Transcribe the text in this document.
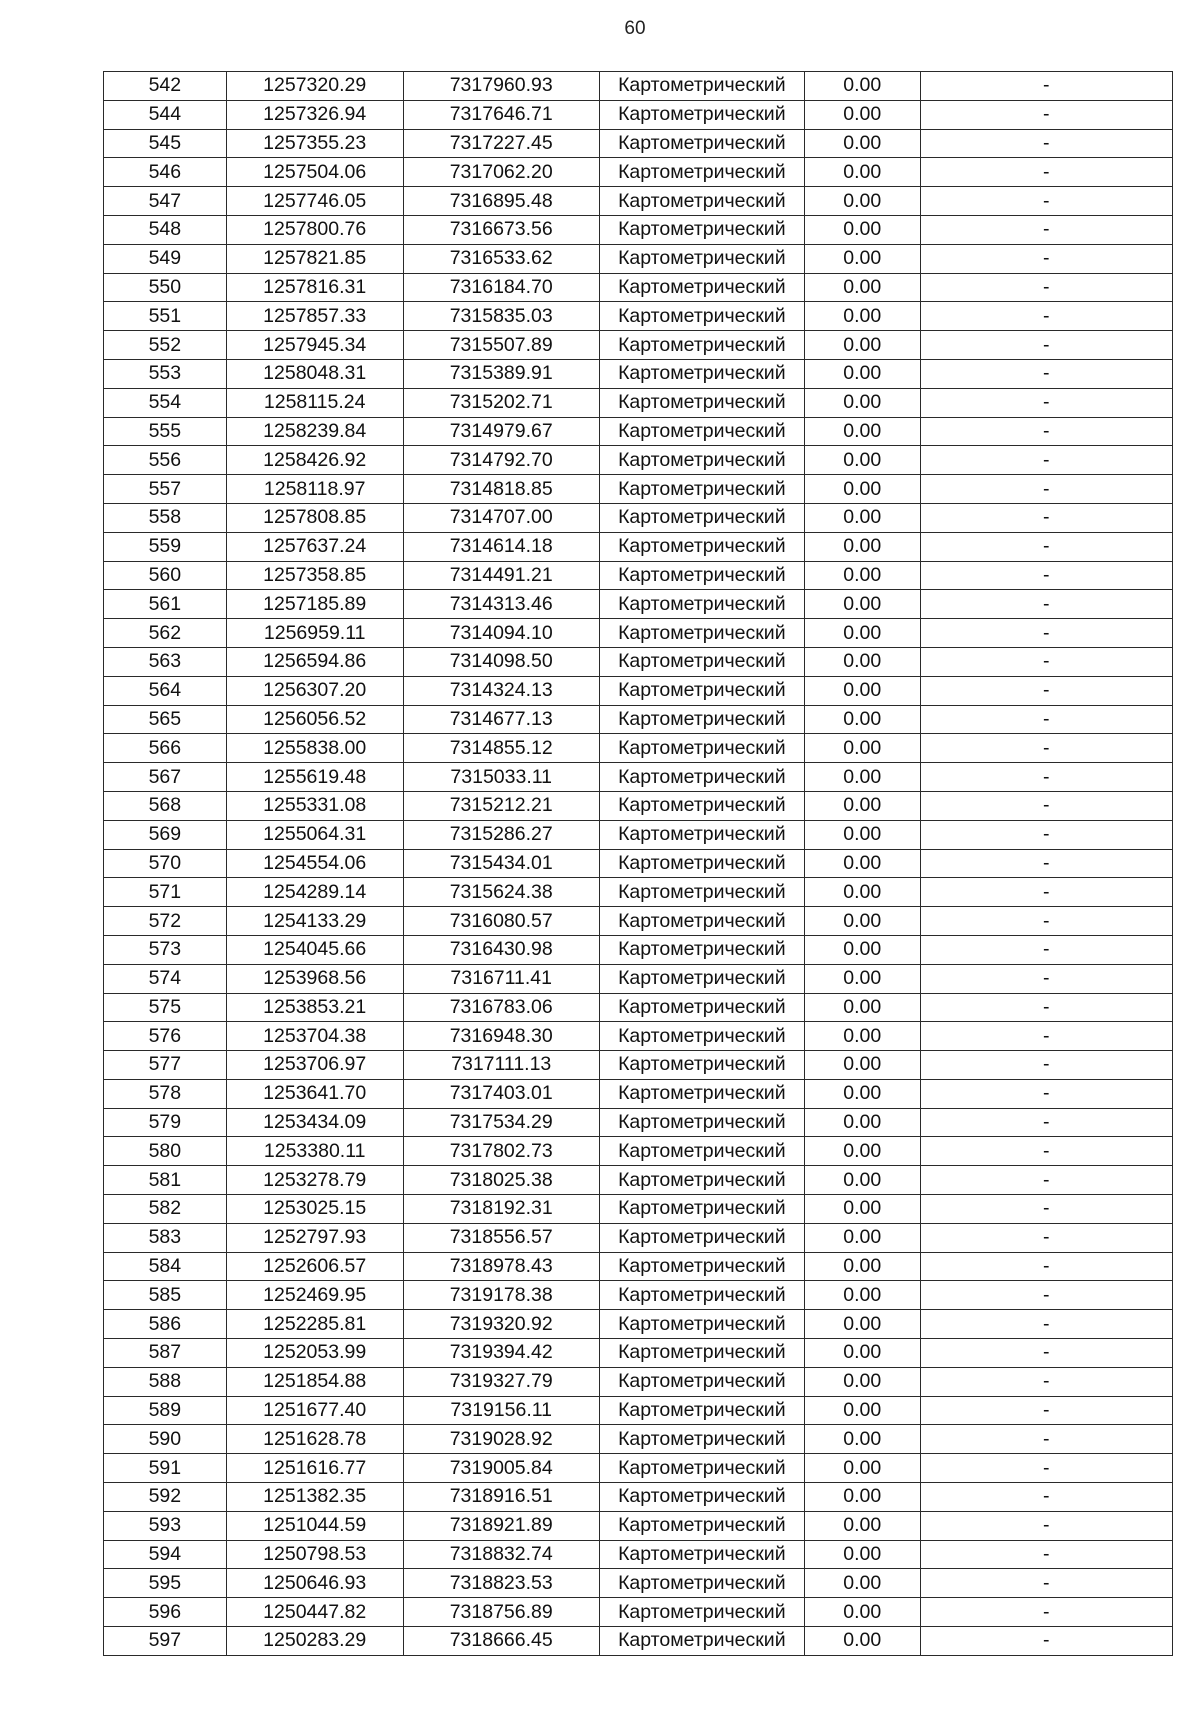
60
542	1257320.29	7317960.93	Картометрический	0.00	-
544	1257326.94	7317646.71	Картометрический	0.00	-
545	1257355.23	7317227.45	Картометрический	0.00	-
546	1257504.06	7317062.20	Картометрический	0.00	-
547	1257746.05	7316895.48	Картометрический	0.00	-
548	1257800.76	7316673.56	Картометрический	0.00	-
549	1257821.85	7316533.62	Картометрический	0.00	-
550	1257816.31	7316184.70	Картометрический	0.00	-
551	1257857.33	7315835.03	Картометрический	0.00	-
552	1257945.34	7315507.89	Картометрический	0.00	-
553	1258048.31	7315389.91	Картометрический	0.00	-
554	1258115.24	7315202.71	Картометрический	0.00	-
555	1258239.84	7314979.67	Картометрический	0.00	-
556	1258426.92	7314792.70	Картометрический	0.00	-
557	1258118.97	7314818.85	Картометрический	0.00	-
558	1257808.85	7314707.00	Картометрический	0.00	-
559	1257637.24	7314614.18	Картометрический	0.00	-
560	1257358.85	7314491.21	Картометрический	0.00	-
561	1257185.89	7314313.46	Картометрический	0.00	-
562	1256959.11	7314094.10	Картометрический	0.00	-
563	1256594.86	7314098.50	Картометрический	0.00	-
564	1256307.20	7314324.13	Картометрический	0.00	-
565	1256056.52	7314677.13	Картометрический	0.00	-
566	1255838.00	7314855.12	Картометрический	0.00	-
567	1255619.48	7315033.11	Картометрический	0.00	-
568	1255331.08	7315212.21	Картометрический	0.00	-
569	1255064.31	7315286.27	Картометрический	0.00	-
570	1254554.06	7315434.01	Картометрический	0.00	-
571	1254289.14	7315624.38	Картометрический	0.00	-
572	1254133.29	7316080.57	Картометрический	0.00	-
573	1254045.66	7316430.98	Картометрический	0.00	-
574	1253968.56	7316711.41	Картометрический	0.00	-
575	1253853.21	7316783.06	Картометрический	0.00	-
576	1253704.38	7316948.30	Картометрический	0.00	-
577	1253706.97	7317111.13	Картометрический	0.00	-
578	1253641.70	7317403.01	Картометрический	0.00	-
579	1253434.09	7317534.29	Картометрический	0.00	-
580	1253380.11	7317802.73	Картометрический	0.00	-
581	1253278.79	7318025.38	Картометрический	0.00	-
582	1253025.15	7318192.31	Картометрический	0.00	-
583	1252797.93	7318556.57	Картометрический	0.00	-
584	1252606.57	7318978.43	Картометрический	0.00	-
585	1252469.95	7319178.38	Картометрический	0.00	-
586	1252285.81	7319320.92	Картометрический	0.00	-
587	1252053.99	7319394.42	Картометрический	0.00	-
588	1251854.88	7319327.79	Картометрический	0.00	-
589	1251677.40	7319156.11	Картометрический	0.00	-
590	1251628.78	7319028.92	Картометрический	0.00	-
591	1251616.77	7319005.84	Картометрический	0.00	-
592	1251382.35	7318916.51	Картометрический	0.00	-
593	1251044.59	7318921.89	Картометрический	0.00	-
594	1250798.53	7318832.74	Картометрический	0.00	-
595	1250646.93	7318823.53	Картометрический	0.00	-
596	1250447.82	7318756.89	Картометрический	0.00	-
597	1250283.29	7318666.45	Картометрический	0.00	-
